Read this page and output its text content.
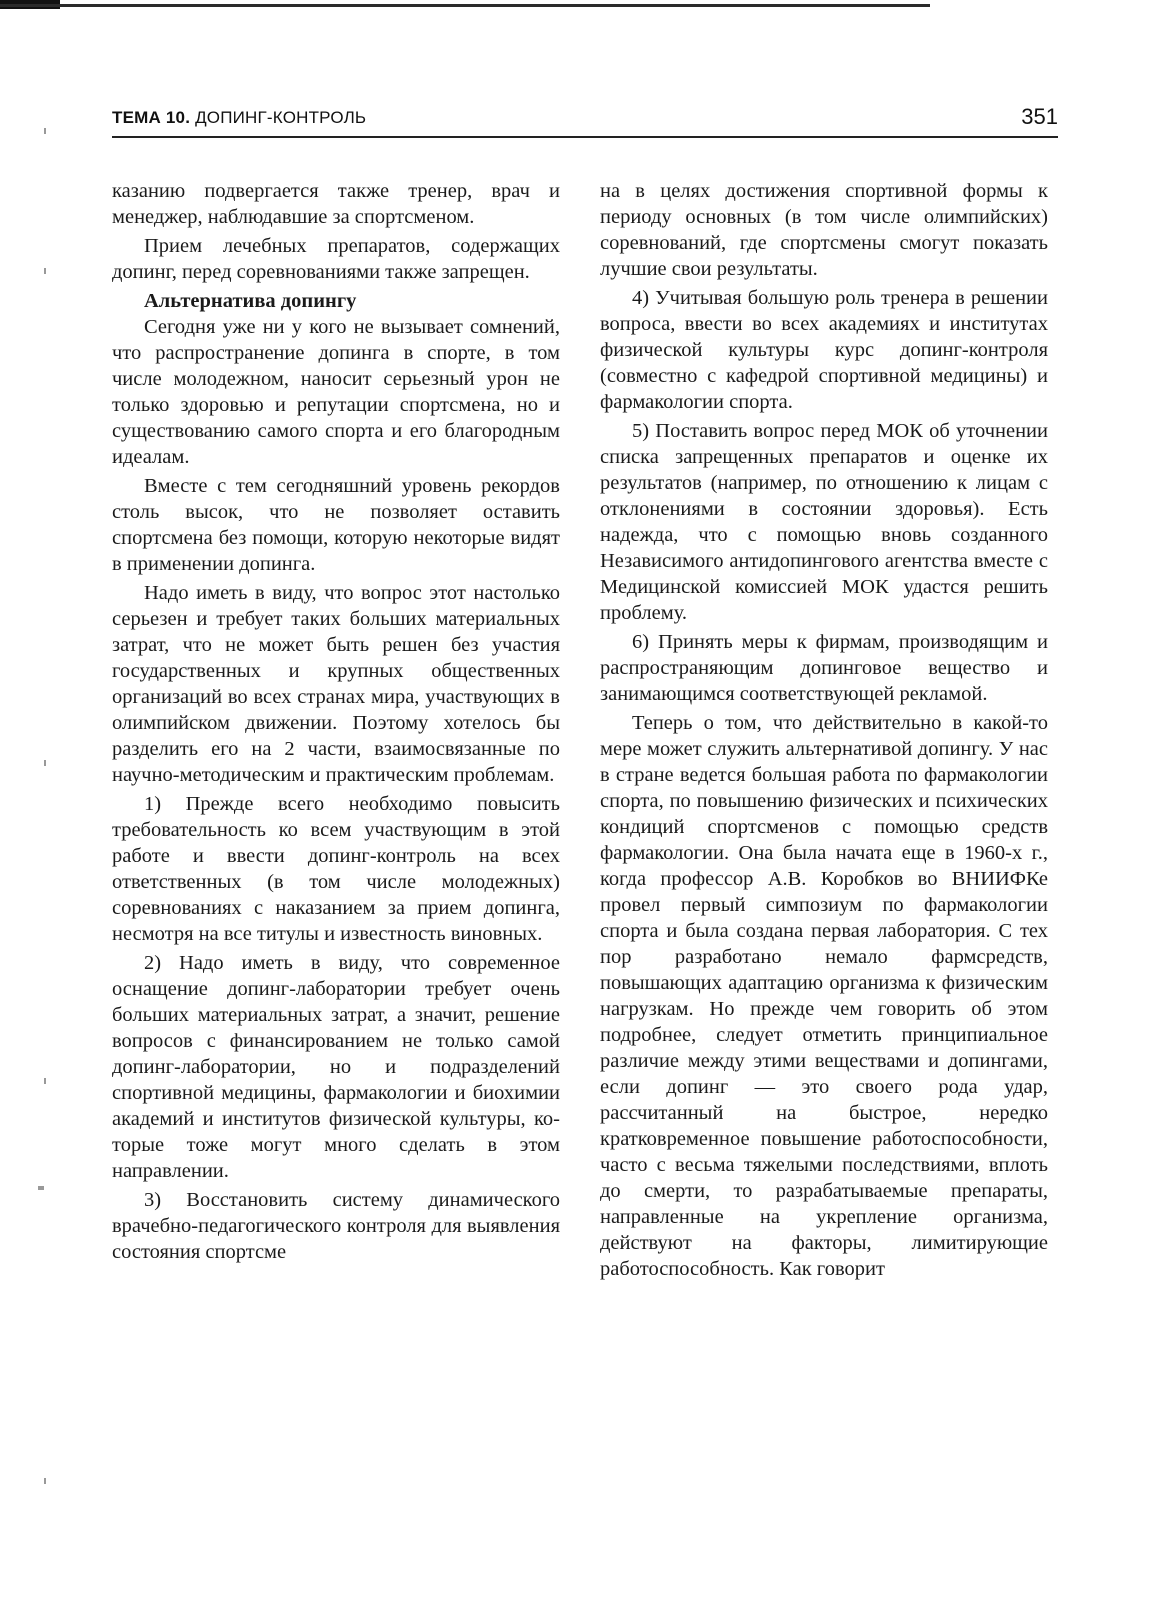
ТЕМА 10. ДОПИНГ-КОНТРОЛЬ	351

казанию подвергается также тренер, врач и менеджер, наблюдавшие за спортсменом.

Прием лечебных препаратов, содержащих допинг, перед соревнованиями также запрещен.

Альтернатива допингу

Сегодня уже ни у кого не вызывает сомнений, что распространение допинга в спорте, в том числе молодежном, наносит серьезный урон не только здоровью и репутации спортсмена, но и существованию самого спорта и его благородным идеалам.

Вместе с тем сегодняшний уровень рекордов столь высок, что не позволяет оставить спортсмена без помощи, которую некоторые видят в применении допинга.

Надо иметь в виду, что вопрос этот настолько серьезен и требует таких больших материальных затрат, что не может быть решен без участия государственных и крупных общественных организаций во всех странах мира, участвующих в олимпийском движении. Поэтому хотелось бы разделить его на 2 части, взаимосвязанные по научно-методическим и практическим проблемам.

1) Прежде всего необходимо повысить требовательность ко всем участвующим в этой работе и ввести допинг-контроль на всех ответственных (в том числе молодежных) соревнованиях с наказанием за прием допинга, несмотря на все титулы и известность виновных.

2) Надо иметь в виду, что современное оснащение допинг-лаборатории требует очень больших материальных затрат, а значит, решение вопросов с финансированием не только самой допинг-лаборатории, но и подразделений спортивной медицины, фармакологии и биохимии академий и институтов физической культуры, которые тоже могут много сделать в этом направлении.

3) Восстановить систему динамического врачебно-педагогического контроля для выявления состояния спортсме

на в целях достижения спортивной формы к периоду основных (в том числе олимпийских) соревнований, где спортсмены смогут показать лучшие свои результаты.

4) Учитывая большую роль тренера в решении вопроса, ввести во всех академиях и институтах физической культуры курс допинг-контроля (совместно с кафедрой спортивной медицины) и фармакологии спорта.

5) Поставить вопрос перед МОК об уточнении списка запрещенных препаратов и оценке их результатов (например, по отношению к лицам с отклонениями в состоянии здоровья). Есть надежда, что с помощью вновь созданного Независимого антидопингового агентства вместе с Медицинской комиссией МОК удастся решить проблему.

6) Принять меры к фирмам, производящим и распространяющим допинговое вещество и занимающимся соответствующей рекламой.

Теперь о том, что действительно в какой-то мере может служить альтернативой допингу. У нас в стране ведется большая работа по фармакологии спорта, по повышению физических и психических кондиций спортсменов с помощью средств фармакологии. Она была начата еще в 1960-х г., когда профессор А.В. Коробков во ВНИИФКе провел первый симпозиум по фармакологии спорта и была создана первая лаборатория. С тех пор разработано немало фармсредств, повышающих адаптацию организма к физическим нагрузкам. Но прежде чем говорить об этом подробнее, следует отметить принципиальное различие между этими веществами и допингами, если допинг — это своего рода удар, рассчитанный на быстрое, нередко кратковременное повышение работоспособности, часто с весьма тяжелыми последствиями, вплоть до смерти, то разрабатываемые препараты, направленные на укрепление организма, действуют на факторы, лимитирующие работоспособность. Как говорит
